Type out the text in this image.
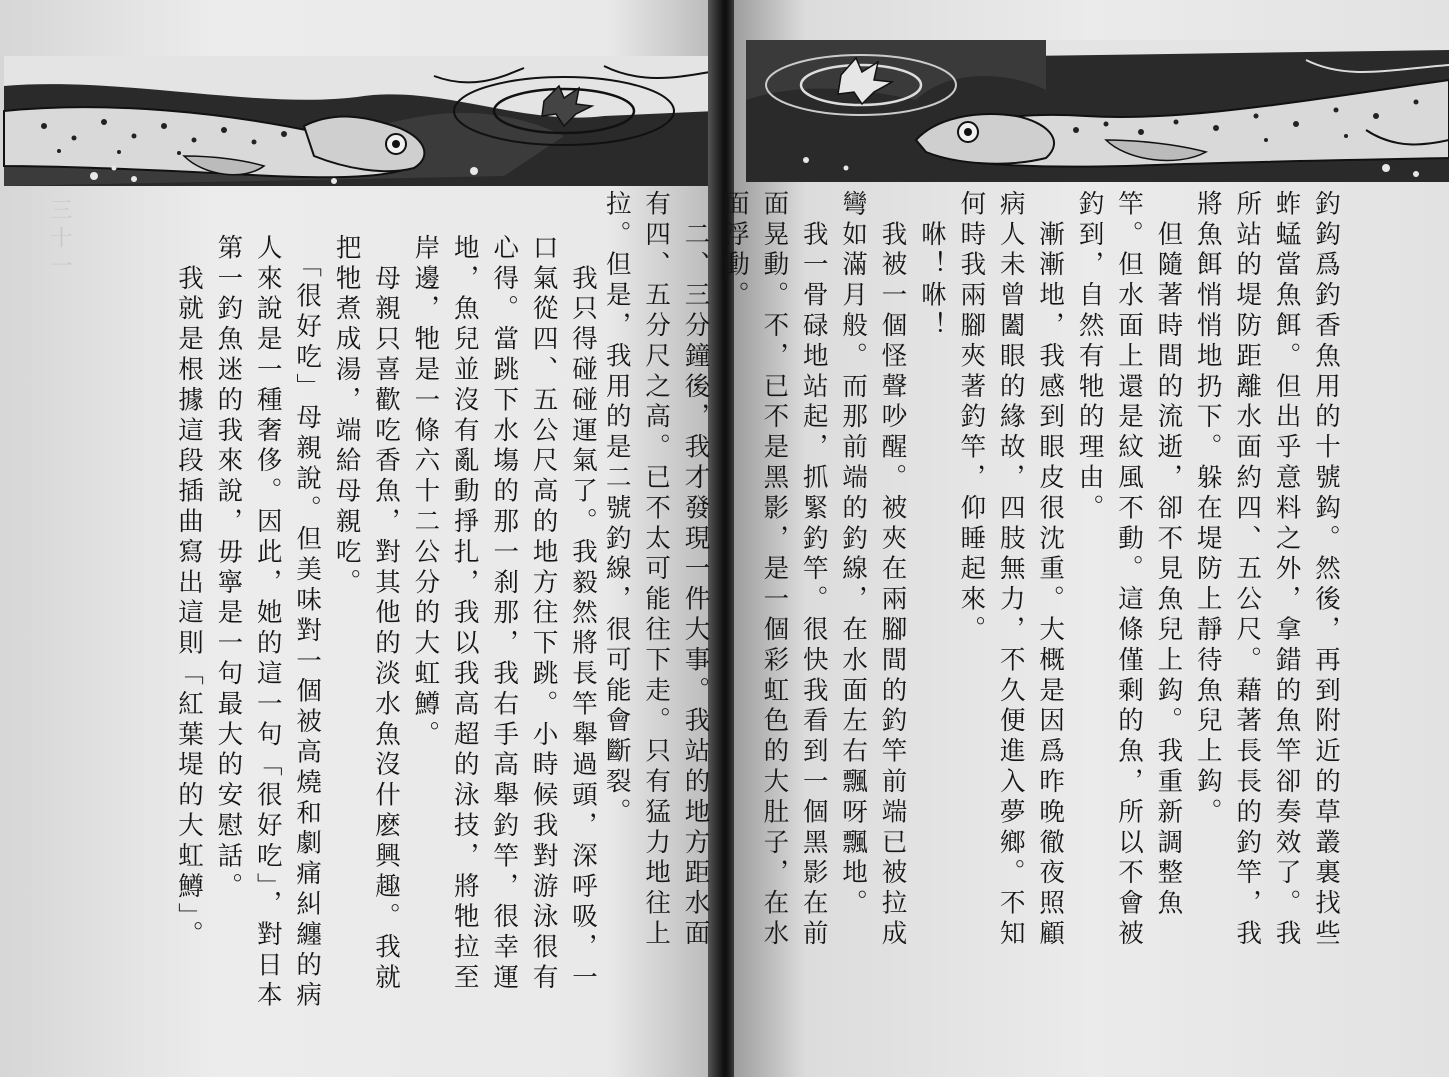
三十一	　我只得碰碰運氣了。我毅然將長竿舉過頭，深呼吸，一口氣從四、五公尺高的地方往下跳。小時候我對游泳很有心得。當跳下水塲的那一刹那，我右手高舉釣竿，很幸運地，魚兒並沒有亂動掙扎，我以我高超的泳技，將牠拉至岸邊，牠是一條六十二公分的大虹鱒。

　母親只喜歡吃香魚，對其他的淡水魚沒什麽興趣。我就把牠煮成湯，端給母親吃。

　「很好吃」母親說。但美味對一個被高燒和劇痛糾纏的病人來說是一種奢侈。因此，她的這一句「很好吃」，對日本第一釣魚迷的我來說，毋寧是一句最大的安慰話。

　我就是根據這段插曲寫出這則「紅葉堤的大虹鱒」。	釣鈎爲釣香魚用的十號鈎。然後，再到附近的草叢裏找些蚱蜢當魚餌。但出乎意料之外，拿錯的魚竿卻奏效了。我所站的堤防距離水面約四、五公尺。藉著長長的釣竿，我將魚餌悄悄地扔下。躲在堤防上靜待魚兒上鈎。

　但隨著時間的流逝，卻不見魚兒上鈎。我重新調整魚竿。但水面上還是紋風不動。這條僅剩的魚，所以不會被釣到，自然有牠的理由。

　漸漸地，我感到眼皮很沈重。大概是因爲昨晚徹夜照顧病人未曾闔眼的緣故，四肢無力，不久便進入夢鄉。不知何時我兩腳夾著釣竿，仰睡起來。

　咻！咻！

　我被一個怪聲吵醒。被夾在兩腳間的釣竿前端已被拉成彎如滿月般。而那前端的釣線，在水面左右飄呀飄地。

　我一骨碌地站起，抓緊釣竿。很快我看到一個黑影在前面晃動。不，已不是黑影，是一個彩虹色的大肚子，在水面浮動。

　二、三分鐘後，我才發現一件大事。我站的地方距水面有四、五分尺之高。已不太可能往下走。只有猛力地往上拉。但是，我用的是二號釣線，很可能會斷裂。
